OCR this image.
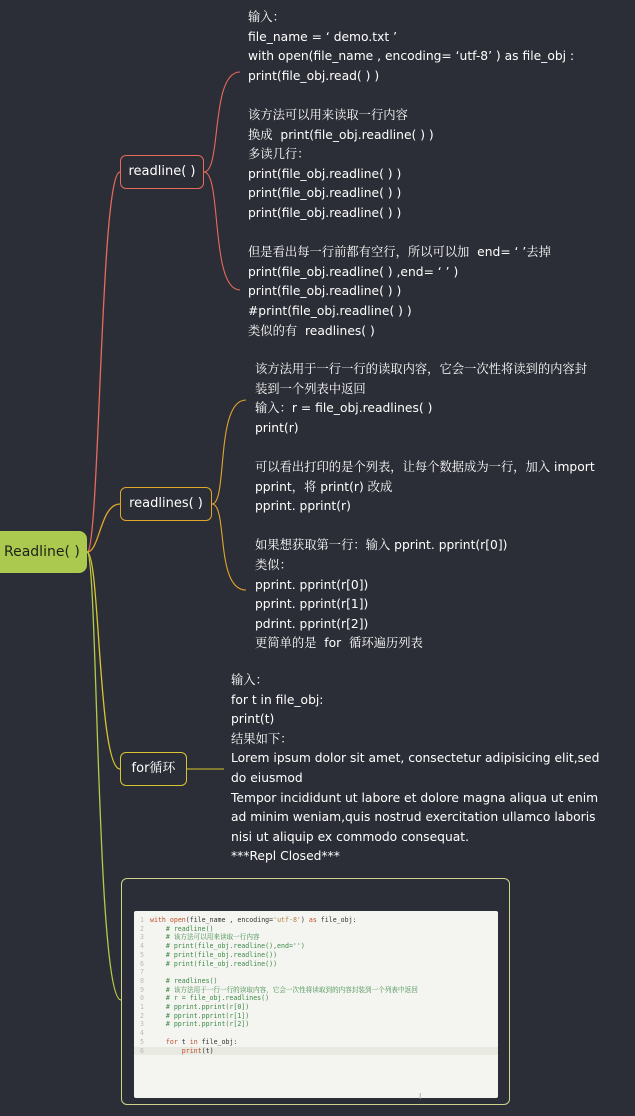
Readline( )
readline( )
输入：
file_name = ‘ demo.txt ’
with open(file_name , encoding= ‘utf-8’ ) as file_obj :
print(file_obj.read( ) )

该方法可以用来读取一行内容
换成  print(file_obj.readline( ) )
多读几行：
print(file_obj.readline( ) )
print(file_obj.readline( ) )
print(file_obj.readline( ) )

但是看出每一行前都有空行，所以可以加  end= ‘ ’去掉
print(file_obj.readline( ) ,end= ‘ ’ )
print(file_obj.readline( ) )
#print(file_obj.readline( ) )
类似的有  readlines( )
readlines( )
该方法用于一行一行的读取内容，它会一次性将读到的内容封
装到一个列表中返回
输入：r = file_obj.readlines( )
print(r)

可以看出打印的是个列表，让每个数据成为一行，加入 import
pprint，将 print(r) 改成
pprint. pprint(r)

如果想获取第一行：输入 pprint. pprint(r[0])
类似：
pprint. pprint(r[0])
pprint. pprint(r[1])
pdrint. pprint(r[2])
更简单的是  for  循环遍历列表
for循环
输入：
for t in file_obj:
print(t)
结果如下：
Lorem ipsum dolor sit amet, consectetur adipisicing elit,sed
do eiusmod
Tempor incididunt ut labore et dolore magna aliqua ut enim
ad minim weniam,quis nostrud exercitation ullamco laboris
nisi ut aliquip ex commodo consequat.
***Repl Closed***
1 with open(file_name , encoding='utf-8') as file_obj:
2    # readline()
3    # 该方法可以用来读取一行内容
4    # print(file_obj.readline(),end='')
5    # print(file_obj.readline())
6    # print(file_obj.readline())
7
8    # readlines()
9    # 该方法用于一行一行的读取内容，它会一次性将读取到的内容封装到一个列表中返回
0    # r = file_obj.readlines()
1    # pprint.pprint(r[0])
2    # pprint.pprint(r[1])
3    # pprint.pprint(r[2])
4
5	for t in file_obj:
6	print(t)
I
